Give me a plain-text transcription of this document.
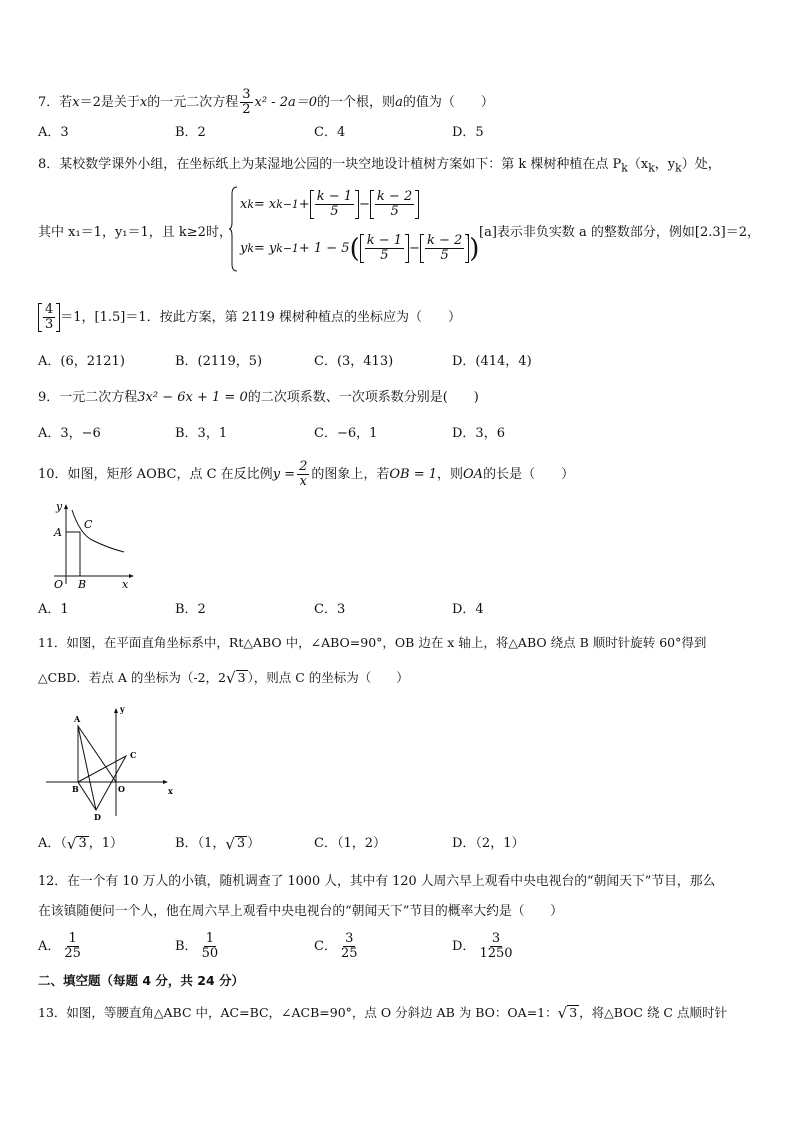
7．若 x ＝2是关于 x 的一元二次方程 $\frac{3}{2} x^2 - 2a=0$ 的一个根，则 a 的值为（　　）
A．3	B．2	C．4	D．5
8．某校数学课外小组，在坐标纸上为某湿地公园的一块空地设计植树方案如下：第 k 棵树种植在点 $P_k(x_k$，$y_k$）处，
其中 x₁＝1，y₁＝1，且 k≥2时，
x k = x $k-1 + \frac{k - 1}{5} - \frac{k - 2}{5}$
y k = y k−1 + 1 − 5 ( $\frac{k - 1}{5} - \frac{k - 2}{5}$ )
，[a]表示非负实数 a 的整数部分，例如[2.3]＝2，
$\frac{4}{3} =1$，[1.5]＝1．按此方案，第 2119 棵树种植点的坐标应为（　　）
A．(6，2121)	B．(2119，5)	C．(3，413)	D．(414，4)
9．一元二次方程3x² − 6x + 1 = 0的二次项系数、一次项系数分别是(　　)
A．3，−6	B．3，1	C．−6，1	D．3，6
10．如图，矩形 AOBC，点 C 在反比例 $y = \frac{2}{x}$ 的图象上，若 OB = 1 ，则 OA 的长是（　　）
y
x
A
C
O B
A．1	B．2	C．3	D．4
11．如图，在平面直角坐标系中，Rt△ABO 中，∠ABO=90°，OB 边在 x 轴上，将△ABO 绕点 B 顺时针旋转 60°得到
△CBD．若点 A 的坐标为（-2，2 √ 3 ），则点 C 的坐标为（　　）
A
y
C
B	O	x
D
A．（ √ 3 ，1）	B．（1， √ 3 ）	C．（1，2）	D．（2，1）
12．在一个有 10 万人的小镇，随机调查了 1000 人，其中有 120 人周六早上观看中央电视台的“朝闻天下”节目，那么
在该镇随便问一个人，他在周六早上观看中央电视台的“朝闻天下”节目的概率大约是（　　）
A． $\frac{1}{25}$	B． $\frac{1}{50}$	C． $\frac{3}{25}$	D． $\frac{3}{1250}$
二、填空题（每题 4 分，共 24 分）
13．如图，等腰直角△ABC 中，AC=BC，∠ACB=90°，点 O 分斜边 AB 为 BO：OA=1： √ 3 ，将△BOC 绕 C 点顺时针
